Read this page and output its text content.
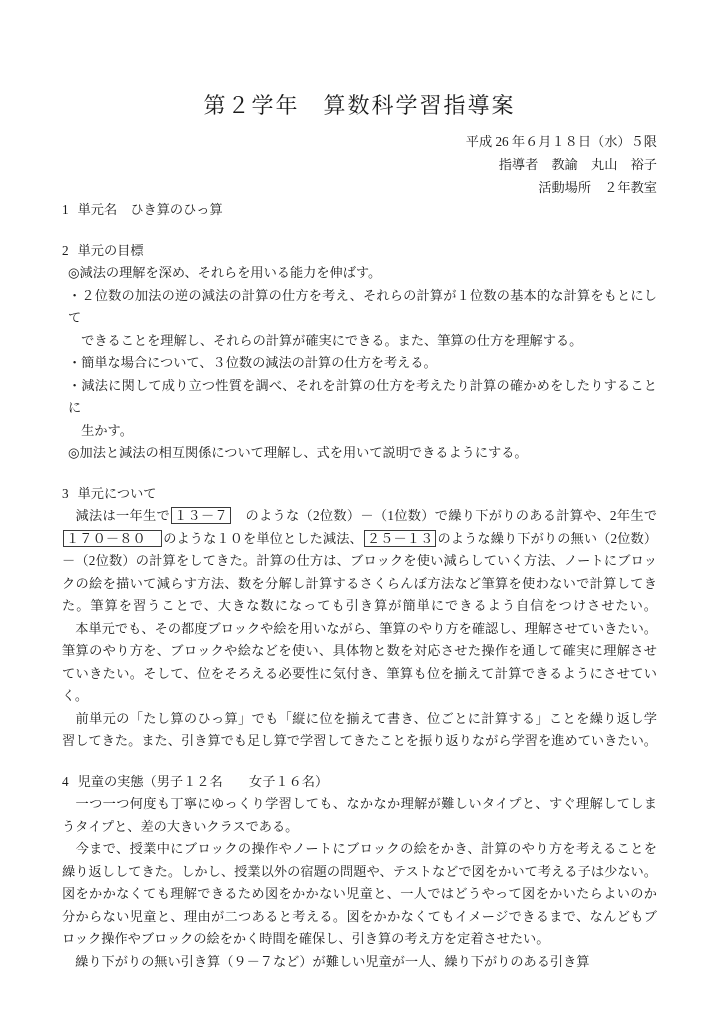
第２学年　算数科学習指導案
平成 26 年６月１８日（水）５限
指導者　教諭　丸山　裕子
活動場所　２年教室
1 単元名　ひき算のひっ算
2 単元の目標
◎減法の理解を深め、それらを用いる能力を伸ばす。
・２位数の加法の逆の減法の計算の仕方を考え、それらの計算が１位数の基本的な計算をもとにして
　できることを理解し、それらの計算が確実にできる。また、筆算の仕方を理解する。
・簡単な場合について、３位数の減法の計算の仕方を考える。
・減法に関して成り立つ性質を調べ、それを計算の仕方を考えたり計算の確かめをしたりすることに
　生かす。
◎加法と減法の相互関係について理解し、式を用いて説明できるようにする。
3 単元について
　減法は一年生で １３－７　のような（2位数）－（1位数）で繰り下がりのある計算や、2年生で
１７０－８０　のような１０を単位とした減法、 ２５－１３ のような繰り下がりの無い（2位数）
－（2位数）の計算をしてきた。計算の仕方は、ブロックを使い減らしていく方法、ノートにブロッ
クの絵を描いて減らす方法、数を分解し計算するさくらんぼ方法など筆算を使わないで計算してき
た。筆算を習うことで、大きな数になっても引き算が簡単にできるよう自信をつけさせたい。
　本単元でも、その都度ブロックや絵を用いながら、筆算のやり方を確認し、理解させていきたい。
筆算のやり方を、ブロックや絵などを使い、具体物と数を対応させた操作を通して確実に理解させ
ていきたい。そして、位をそろえる必要性に気付き、筆算も位を揃えて計算できるようにさせてい
く。
　前単元の「たし算のひっ算」でも「縦に位を揃えて書き、位ごとに計算する」ことを繰り返し学
習してきた。また、引き算でも足し算で学習してきたことを振り返りながら学習を進めていきたい。
4 児童の実態（男子１２名　　女子１６名）
　一つ一つ何度も丁寧にゆっくり学習しても、なかなか理解が難しいタイプと、すぐ理解してしま
うタイプと、差の大きいクラスである。
　今まで、授業中にブロックの操作やノートにブロックの絵をかき、計算のやり方を考えることを
繰り返ししてきた。しかし、授業以外の宿題の問題や、テストなどで図をかいて考える子は少ない。
図をかかなくても理解できるため図をかかない児童と、一人ではどうやって図をかいたらよいのか
分からない児童と、理由が二つあると考える。図をかかなくてもイメージできるまで、なんどもブ
ロック操作やブロックの絵をかく時間を確保し、引き算の考え方を定着させたい。
　繰り下がりの無い引き算（９－７など）が難しい児童が一人、繰り下がりのある引き算
